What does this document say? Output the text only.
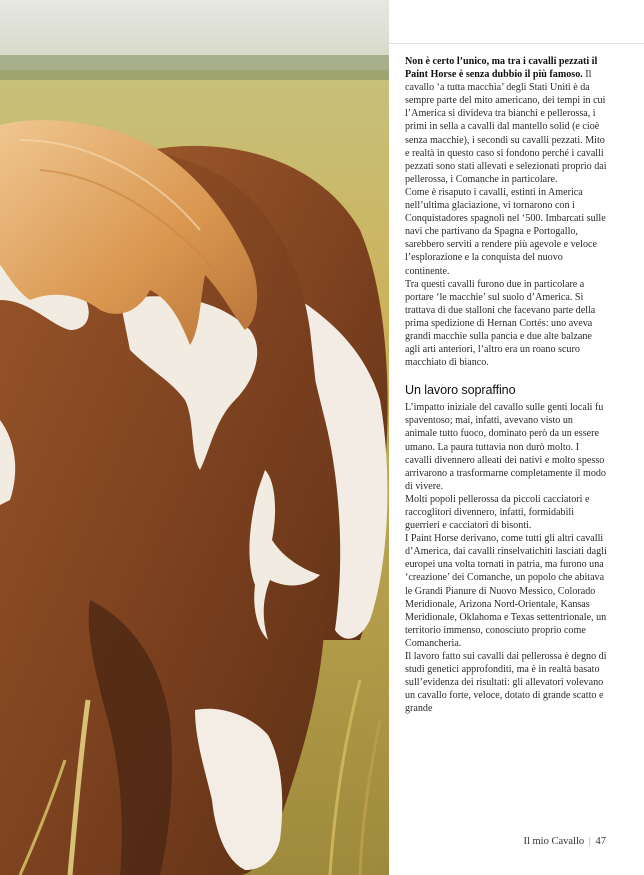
Non è certo l’unico, ma tra i cavalli pezzati il Paint Horse è senza dubbio il più famoso. Il cavallo ‘a tutta macchia’ degli Stati Uniti è da sempre parte del mito americano, dei tempi in cui l’America si divideva tra bianchi e pellerossa, i primi in sella a cavalli dal mantello solid (e cioè senza macchie), i secondi su cavalli pezzati. Mito e realtà in questo caso si fondono perché i cavalli pezzati sono stati allevati e selezionati proprio dai pellerossa, i Comanche in particolare.

Come è risaputo i cavalli, estinti in America nell’ultima glaciazione, vi tornarono con i Conquistadores spagnoli nel ‘500. Imbarcati sulle navi che partivano da Spagna e Portogallo, sarebbero serviti a rendere più agevole e veloce l’esplorazione e la conquista del nuovo continente.

Tra questi cavalli furono due in particolare a portare ‘le macchie’ sul suolo d’America. Si trattava di due stalloni che facevano parte della prima spedizione di Hernan Cortés: uno aveva grandi macchie sulla pancia e due alte balzane agli arti anteriori, l’altro era un roano scuro macchiato di bianco.

Un lavoro sopraffino

L’impatto iniziale del cavallo sulle genti locali fu spaventoso; mai, infatti, avevano visto un animale tutto fuoco, dominato però da un essere umano. La paura tuttavia non durò molto. I cavalli divennero alleati dei nativi e molto spesso arrivarono a trasformarne completamente il modo di vivere.

Molti popoli pellerossa da piccoli cacciatori e raccoglitori divennero, infatti, formidabili guerrieri e cacciatori di bisonti.

I Paint Horse derivano, come tutti gli altri cavalli d’America, dai cavalli rinselvatichiti lasciati dagli europei una volta tornati in patria, ma furono una ‘creazione’ dei Comanche, un popolo che abitava le Grandi Pianure di Nuovo Messico, Colorado Meridionale, Arizona Nord-Orientale, Kansas Meridionale, Oklahoma e Texas settentrionale, un territorio immenso, conosciuto proprio come Comancheria.

Il lavoro fatto sui cavalli dai pellerossa è degno di studi genetici approfonditi, ma è in realtà basato sull’evidenza dei risultati: gli allevatori volevano un cavallo forte, veloce, dotato di grande scatto e grande

Il mio Cavallo | 47
